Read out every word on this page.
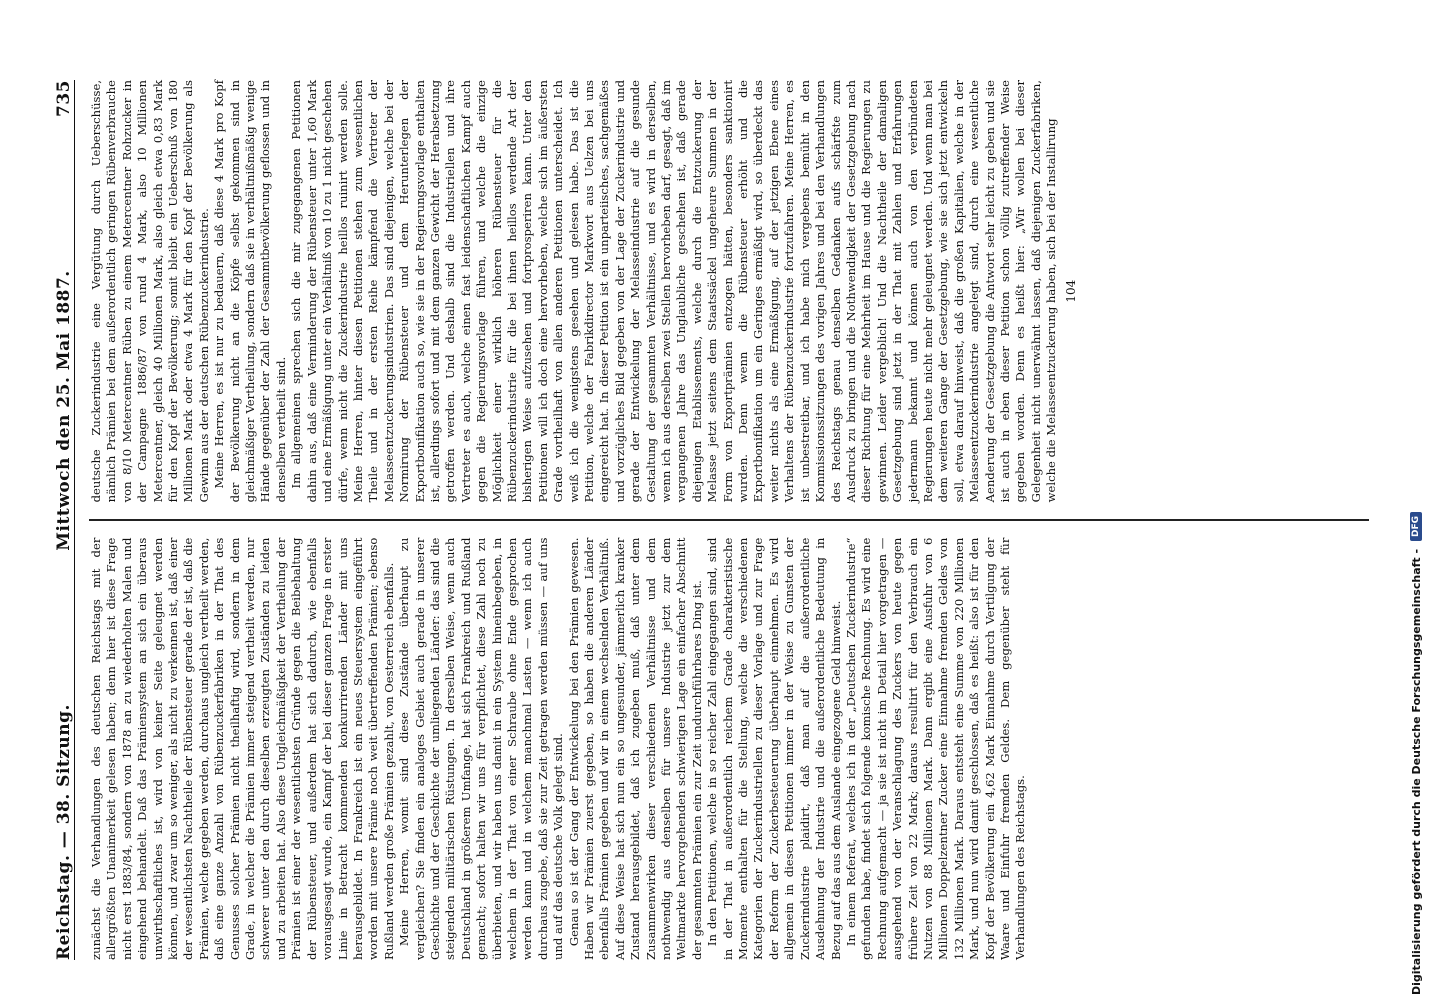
Reichstag. — 38. Sitzung.
Mittwoch den 25. Mai 1887.
735

zunächst die Verhandlungen des deutschen Reichstags mit der allergrößten Unanimerkeit gelesen haben; denn hier ist diese Frage nicht erst 1883/84, sondern von 1878 an zu wiederholten Malen und eingehend behandelt. Daß das Prämiensystem an sich ein überaus unwirthschaftliches ist, wird von keiner Seite geleugnet werden können, und zwar um so weniger, als nicht zu verkennen ist, daß einer der wesentlichsten Nachtheile der Rübensteuer gerade der ist, daß die Prämien, welche gegeben werden, durchaus ungleich vertheilt werden, daß eine ganze Anzahl von Rübenzuckerfabriken in der That des Genusses solcher Prämien nicht theilhaftig wird, sondern in dem Grade, in welcher die Prämien immer steigend vertheilt werden, nur schwerer unter den durch dieselben erzeugten Zuständen zu leiden und zu arbeiten hat. Also diese Ungleichmäßigkeit der Vertheilung der Prämien ist einer der wesentlichsten Gründe gegen die Beibehaltung der Rübensteuer, und außerdem hat sich dadurch, wie ebenfalls vorausgesagt wurde, ein Kampf der bei dieser ganzen Frage in erster Linie in Betracht kommenden konkurrirenden Länder mit uns herausgebildet. In Frankreich ist ein neues Steuersystem eingeführt worden mit unsere Prämie noch weit übertreffenden Prämien; ebenso Rußland werden große Prämien gezahlt, von Oesterreich ebenfalls. Meine Herren, womit sind diese Zustände überhaupt zu vergleichen? Sie finden ein analoges Gebiet auch gerade in unserer Geschichte und der Geschichte der umliegenden Länder: das sind die steigenden militärischen Rüstungen. In derselben Weise, wenn auch Deutschland in größerem Umfange, hat sich Frankreich und Rußland gemacht; sofort halten wir uns für verpflichtet, diese Zahl noch zu überbieten, und wir haben uns damit in ein System hineinbegeben, in welchem in der That von einer Schraube ohne Ende gesprochen werden kann und in welchem manchmal Lasten — wenn ich auch durchaus zugebe, daß sie zur Zeit getragen werden müssen — auf uns und auf das deutsche Volk gelegt sind. Genau so ist der Gang der Entwickelung bei den Prämien gewesen. Haben wir Prämien zuerst gegeben, so haben die anderen Länder ebenfalls Prämien gegeben und wir in einem wechselnden Verhältniß. Auf diese Weise hat sich nun ein so ungesunder, jämmerlich kranker Zustand herausgebildet, daß ich zugeben muß, daß unter dem Zusammenwirken dieser verschiedenen Verhältnisse und dem nothwendig aus denselben für unsere Industrie jetzt zur dem Weltmarkte hervorgehenden schwierigen Lage ein einfacher Abschnitt der gesammten Prämien ein zur Zeit undurchführbares Ding ist. In den Petitionen, welche in so reicher Zahl eingegangen sind, sind in der That in außerordentlich reichem Grade charakteristische Momente enthalten für die Stellung, welche die verschiedenen Kategorien der Zuckerindustriellen zu dieser Vorlage und zur Frage der Reform der Zuckerbesteuerung überhaupt einnehmen. Es wird allgemein in diesen Petitionen immer in der Weise zu Gunsten der Zuckerindustrie plaidirt, daß man auf die außerordentliche Ausdehnung der Industrie und die außerordentliche Bedeutung in Bezug auf das aus dem Auslande eingezogene Geld hinweist. In einem Referat, welches ich in der „Deutschen Zuckerindustrie“ gefunden habe, findet sich folgende komische Rechnung. Es wird eine Rechnung aufgemacht — ja sie ist nicht im Detail hier vorgetragen — ausgehend von der Veranschlagung des Zuckers von heute gegen frühere Zeit von 22 Mark; daraus resultirt für den Verbrauch ein Nutzen von 88 Millionen Mark. Dann ergibt eine Ausfuhr von 6 Millionen Doppelzentner Zucker eine Einnahme fremden Geldes von 132 Millionen Mark. Daraus entsteht eine Summe von 220 Millionen Mark, und nun wird damit geschlossen, daß es heißt: also ist für den Kopf der Bevölkerung ein 4,62 Mark Einnahme durch Vertilgung der Waare und Einfuhr fremden Geldes. Dem gegenüber steht für Verhandlungen des Reichstags.

deutsche Zuckerindustrie eine Vergütung durch Ueberschüsse, nämlich Prämien bei dem außerordentlich geringen Rübenverbrauche von 8/10 Metercentner Rüben zu einem Metercentner Rohzucker in der Campagne 1886/87 von rund 4 Mark, also 10 Millionen Metercentner, gleich 40 Millionen Mark, also gleich etwa 0,83 Mark für den Kopf der Bevölkerung; somit bleibt ein Ueberschuß von 180 Millionen Mark oder etwa 4 Mark für den Kopf der Bevölkerung als Gewinn aus der deutschen Rübenzuckerindustrie. Meine Herren, es ist nur zu bedauern, daß diese 4 Mark pro Kopf der Bevölkerung nicht an die Köpfe selbst gekommen sind in gleichmäßiger Vertheilung, sondern daß sie in verhältnißmäßig wenige Hände gegenüber der Zahl der Gesammtbevölkerung geflossen und in denselben vertheilt sind. Im allgemeinen sprechen sich die mir zugegangenen Petitionen dahin aus, daß eine Verminderung der Rübensteuer unter 1,60 Mark und eine Ermäßigung unter ein Verhältniß von 10 zu 1 nicht geschehen dürfe, wenn nicht die Zuckerindustrie heillos ruinirt werden solle. Meine Herren, hinter diesen Petitionen stehen zum wesentlichen Theile und in der ersten Reihe kämpfend die Vertreter der Melasseentzuckerungsindustrien. Das sind diejenigen, welche bei der Normirung der Rübensteuer und dem Herunterlegen der Exportbonifikation auch so, wie sie in der Regierungsvorlage enthalten ist, allerdings sofort und mit dem ganzen Gewicht der Herabsetzung getroffen werden. Und deshalb sind die Industriellen und ihre Vertreter es auch, welche einen fast leidenschaftlichen Kampf auch gegen die Regierungsvorlage führen, und welche die einzige Möglichkeit einer wirklich höheren Rübensteuer für die Rübenzuckerindustrie für die bei ihnen heillos werdende Art der bisherigen Weise aufzusehen und fortprosperiren kann. Unter den Petitionen will ich doch eine hervorheben, welche sich im äußersten Grade vortheilhaft von allen anderen Petitionen unterscheidet. Ich weiß ich die wenigstens gesehen und gelesen habe. Das ist die Petition, welche der Fabrikdirector Markwort aus Uelzen bei uns eingereicht hat. In dieser Petition ist ein unparteiisches, sachgemäßes und vorzügliches Bild gegeben von der Lage der Zuckerindustrie und gerade der Entwickelung der Melasseindustrie auf die gesunde Gestaltung der gesammten Verhältnisse, und es wird in derselben, wenn ich aus derselben zwei Stellen hervorheben darf, gesagt, daß im vergangenen Jahre das Unglaubliche geschehen ist, daß gerade diejenigen Etablissements, welche durch die Entzuckerung der Melasse jetzt seitens dem Staatssäckel ungeheure Summen in der Form von Exportprämien entzogen hätten, besonders sanktionirt wurden. Denn wenn die Rübensteuer erhöht und die Exportbonifikation um ein Geringes ermäßigt wird, so überdeckt das weiter nichts als eine Ermäßigung, auf der jetzigen Ebene eines Verhaltens der Rübenzuckerindustrie fortzufahren. Meine Herren, es ist unbestreitbar, und ich habe mich vergebens bemüht in den Kommissionssitzungen des vorigen Jahres und bei den Verhandlungen des Reichstags genau denselben Gedanken aufs schärfste zum Ausdruck zu bringen und die Nothwendigkeit der Gesetzgebung nach dieser Richtung für eine Mehrheit im Hause und die Regierungen zu gewinnen. Leider vergeblich! Und die Nachtheile der damaligen Gesetzgebung sind jetzt in der That mit Zahlen und Erfahrungen jedermann bekannt und können auch von den verbündeten Regierungen heute nicht mehr geleugnet werden. Und wenn man bei dem weiteren Gange der Gesetzgebung, wie sie sich jetzt entwickeln soll, etwa darauf hinweist, daß die großen Kapitalien, welche in der Melasseentzuckerindustrie angelegt sind, durch eine wesentliche Aenderung der Gesetzgebung die Antwort sehr leicht zu geben und sie ist auch in eben dieser Petition schon völlig zutreffender Weise gegeben worden. Denn es heißt hier: „Wir wollen bei dieser Gelegenheit nicht unerwähnt lassen, daß diejenigen Zuckerfabriken, welche die Melasseentzuckerung haben, sich bei der Installirung 104
Digitalisierung gefördert durch die Deutsche Forschungsgemeinschaft -
DFG
